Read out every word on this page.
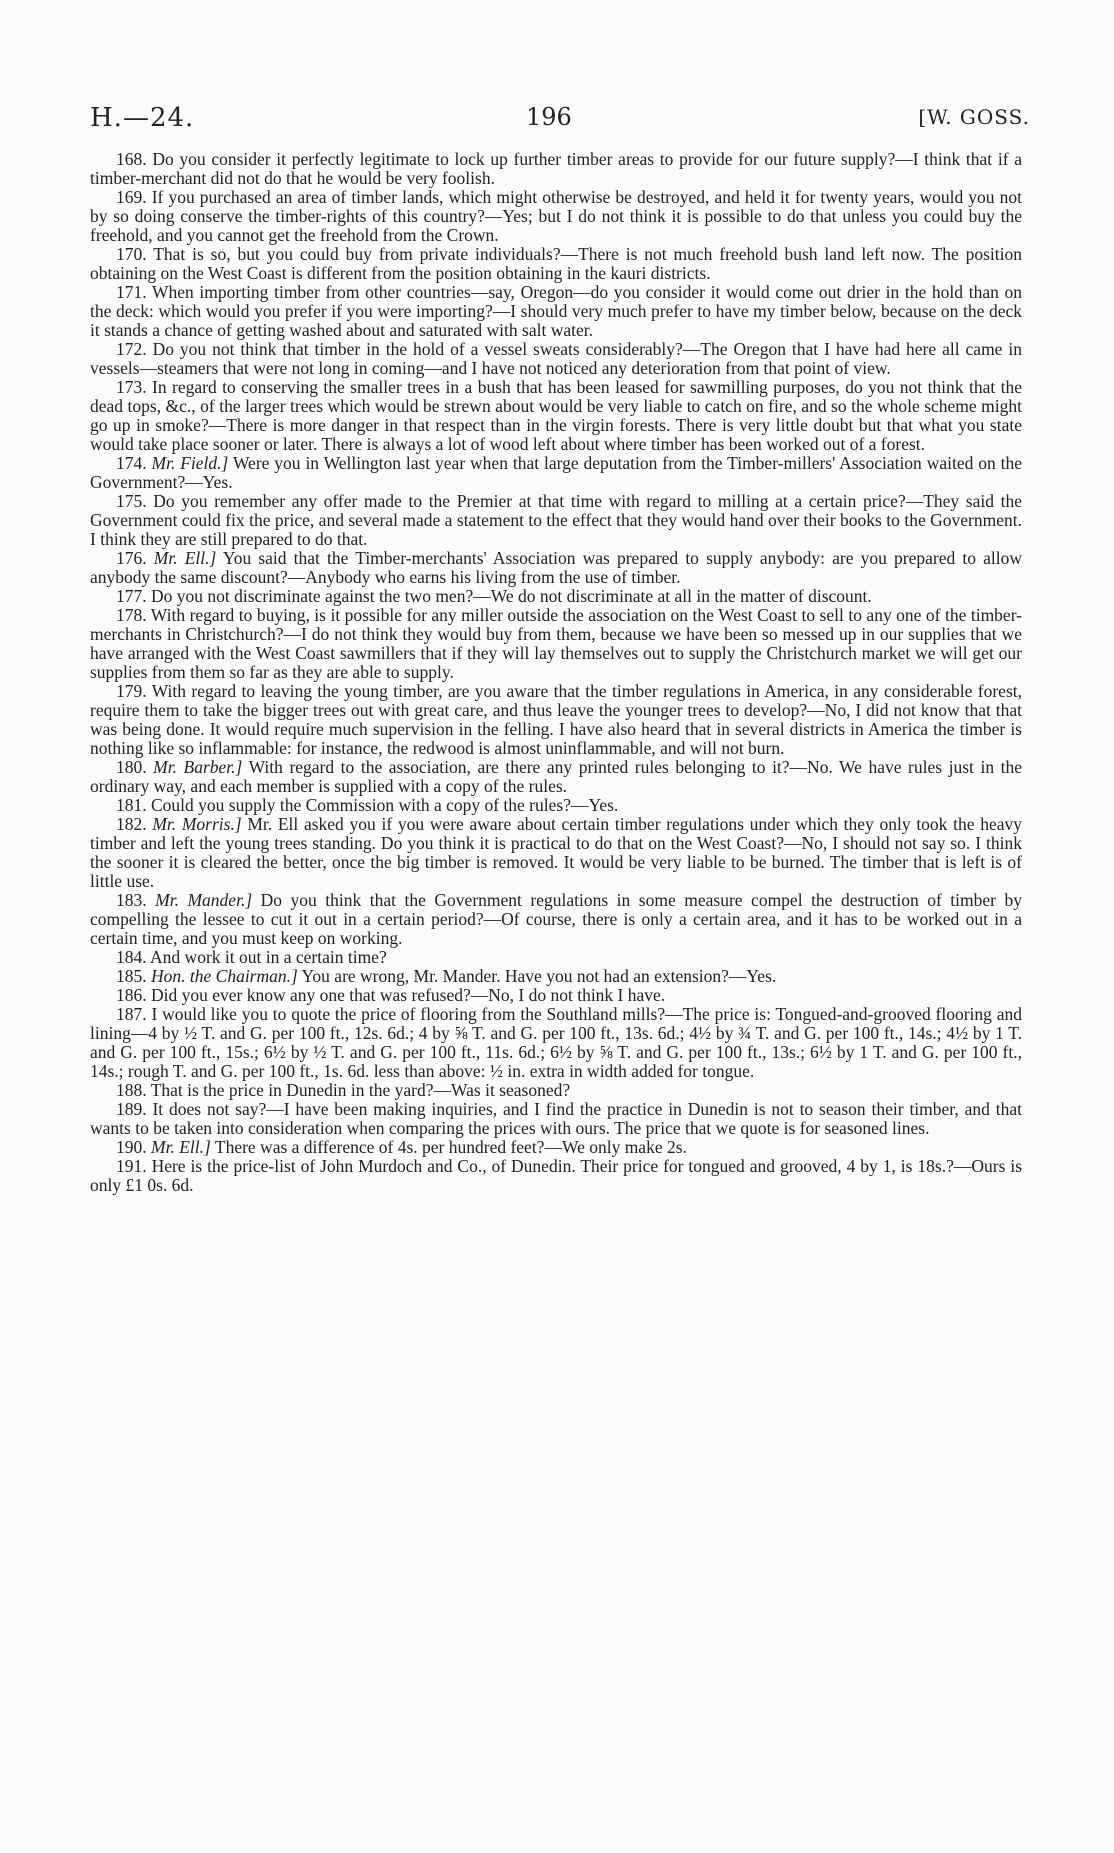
H.—24.	196	[W. GOSS.

168. Do you consider it perfectly legitimate to lock up further timber areas to provide for our future supply?—I think that if a timber-merchant did not do that he would be very foolish.

169. If you purchased an area of timber lands, which might otherwise be destroyed, and held it for twenty years, would you not by so doing conserve the timber-rights of this country?—Yes; but I do not think it is possible to do that unless you could buy the freehold, and you cannot get the freehold from the Crown.

170. That is so, but you could buy from private individuals?—There is not much freehold bush land left now. The position obtaining on the West Coast is different from the position obtaining in the kauri districts.

171. When importing timber from other countries—say, Oregon—do you consider it would come out drier in the hold than on the deck: which would you prefer if you were importing?—I should very much prefer to have my timber below, because on the deck it stands a chance of getting washed about and saturated with salt water.

172. Do you not think that timber in the hold of a vessel sweats considerably?—The Oregon that I have had here all came in vessels—steamers that were not long in coming—and I have not noticed any deterioration from that point of view.

173. In regard to conserving the smaller trees in a bush that has been leased for sawmilling purposes, do you not think that the dead tops, &c., of the larger trees which would be strewn about would be very liable to catch on fire, and so the whole scheme might go up in smoke?—There is more danger in that respect than in the virgin forests. There is very little doubt but that what you state would take place sooner or later. There is always a lot of wood left about where timber has been worked out of a forest.

174. Mr. Field.] Were you in Wellington last year when that large deputation from the Timber-millers' Association waited on the Government?—Yes.

175. Do you remember any offer made to the Premier at that time with regard to milling at a certain price?—They said the Government could fix the price, and several made a statement to the effect that they would hand over their books to the Government. I think they are still prepared to do that.

176. Mr. Ell.] You said that the Timber-merchants' Association was prepared to supply anybody: are you prepared to allow anybody the same discount?—Anybody who earns his living from the use of timber.

177. Do you not discriminate against the two men?—We do not discriminate at all in the matter of discount.

178. With regard to buying, is it possible for any miller outside the association on the West Coast to sell to any one of the timber-merchants in Christchurch?—I do not think they would buy from them, because we have been so messed up in our supplies that we have arranged with the West Coast sawmillers that if they will lay themselves out to supply the Christchurch market we will get our supplies from them so far as they are able to supply.

179. With regard to leaving the young timber, are you aware that the timber regulations in America, in any considerable forest, require them to take the bigger trees out with great care, and thus leave the younger trees to develop?—No, I did not know that that was being done. It would require much supervision in the felling. I have also heard that in several districts in America the timber is nothing like so inflammable: for instance, the redwood is almost uninflammable, and will not burn.

180. Mr. Barber.] With regard to the association, are there any printed rules belonging to it?—No. We have rules just in the ordinary way, and each member is supplied with a copy of the rules.

181. Could you supply the Commission with a copy of the rules?—Yes.

182. Mr. Morris.] Mr. Ell asked you if you were aware about certain timber regulations under which they only took the heavy timber and left the young trees standing. Do you think it is practical to do that on the West Coast?—No, I should not say so. I think the sooner it is cleared the better, once the big timber is removed. It would be very liable to be burned. The timber that is left is of little use.

183. Mr. Mander.] Do you think that the Government regulations in some measure compel the destruction of timber by compelling the lessee to cut it out in a certain period?—Of course, there is only a certain area, and it has to be worked out in a certain time, and you must keep on working.

184. And work it out in a certain time?

185. Hon. the Chairman.] You are wrong, Mr. Mander. Have you not had an extension?—Yes.

186. Did you ever know any one that was refused?—No, I do not think I have.

187. I would like you to quote the price of flooring from the Southland mills?—The price is: Tongued-and-grooved flooring and lining—4 by ½ T. and G. per 100 ft., 12s. 6d.; 4 by ⅝ T. and G. per 100 ft., 13s. 6d.; 4½ by ¾ T. and G. per 100 ft., 14s.; 4½ by 1 T. and G. per 100 ft., 15s.; 6½ by ½ T. and G. per 100 ft., 11s. 6d.; 6½ by ⅝ T. and G. per 100 ft., 13s.; 6½ by 1 T. and G. per 100 ft., 14s.; rough T. and G. per 100 ft., 1s. 6d. less than above: ½ in. extra in width added for tongue.

188. That is the price in Dunedin in the yard?—Was it seasoned?

189. It does not say?—I have been making inquiries, and I find the practice in Dunedin is not to season their timber, and that wants to be taken into consideration when comparing the prices with ours. The price that we quote is for seasoned lines.

190. Mr. Ell.] There was a difference of 4s. per hundred feet?—We only make 2s.

191. Here is the price-list of John Murdoch and Co., of Dunedin. Their price for tongued and grooved, 4 by 1, is 18s.?—Ours is only £1 0s. 6d.
